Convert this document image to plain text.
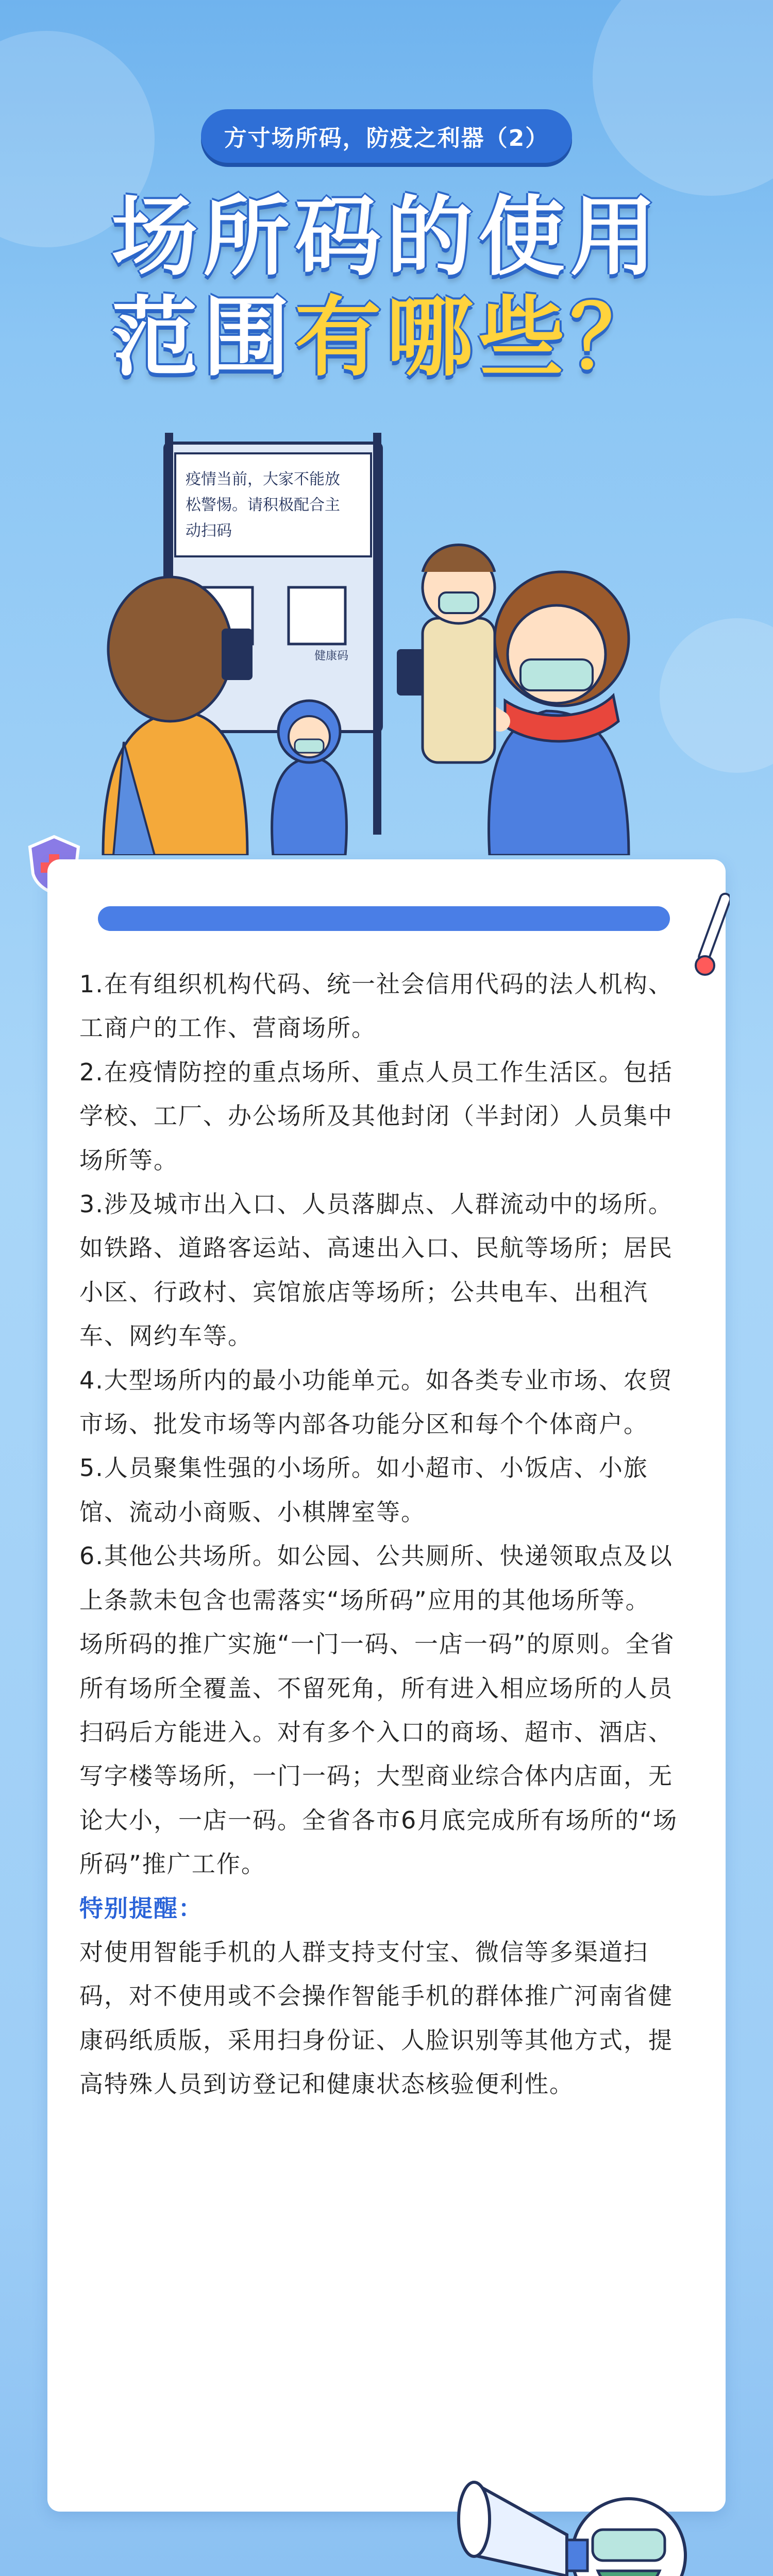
方寸场所码，防疫之利器（2）
场所码的使用
范围有哪些？
疫情当前，大家不能放
松警惕。请积极配合主
动扫码
健康码

1.在有组织机构代码、统一社会信用代码的法人机构、工商户的工作、营商场所。

2.在疫情防控的重点场所、重点人员工作生活区。包括学校、工厂、办公场所及其他封闭（半封闭）人员集中场所等。

3.涉及城市出入口、人员落脚点、人群流动中的场所。如铁路、道路客运站、高速出入口、民航等场所；居民小区、行政村、宾馆旅店等场所；公共电车、出租汽车、网约车等。

4.大型场所内的最小功能单元。如各类专业市场、农贸市场、批发市场等内部各功能分区和每个个体商户。

5.人员聚集性强的小场所。如小超市、小饭店、小旅馆、流动小商贩、小棋牌室等。

6.其他公共场所。如公园、公共厕所、快递领取点及以上条款未包含也需落实“场所码”应用的其他场所等。

场所码的推广实施“一门一码、一店一码”的原则。全省所有场所全覆盖、不留死角，所有进入相应场所的人员扫码后方能进入。对有多个入口的商场、超市、酒店、写字楼等场所，一门一码；大型商业综合体内店面，无论大小，一店一码。全省各市6月底完成所有场所的“场所码”推广工作。

特别提醒：

对使用智能手机的人群支持支付宝、微信等多渠道扫码，对不使用或不会操作智能手机的群体推广河南省健康码纸质版，采用扫身份证、人脸识别等其他方式，提高特殊人员到访登记和健康状态核验便利性。
